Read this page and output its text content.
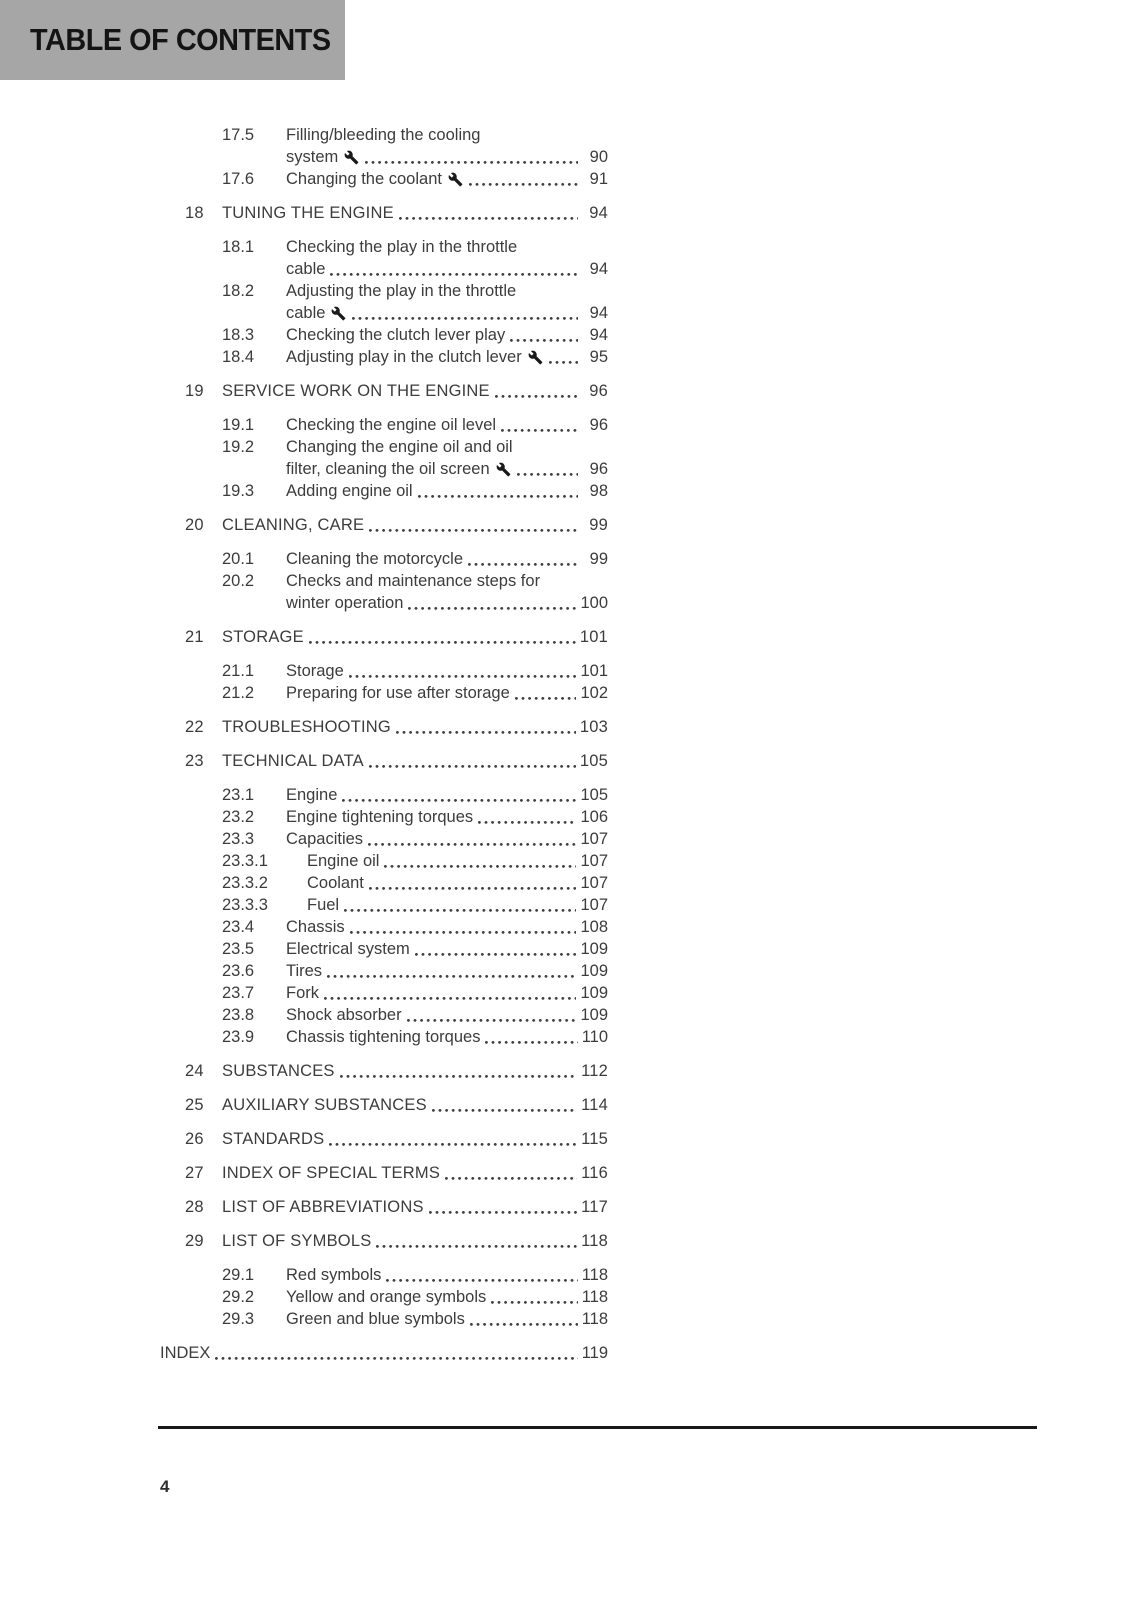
TABLE OF CONTENTS
17.5	Filling/bleeding the cooling
system	90
17.6	Changing the coolant	91
18	TUNING THE ENGINE	94
18.1	Checking the play in the throttle
cable	94
18.2	Adjusting the play in the throttle
cable	94
18.3	Checking the clutch lever play	94
18.4	Adjusting play in the clutch lever	95
19	SERVICE WORK ON THE ENGINE	96
19.1	Checking the engine oil level	96
19.2	Changing the engine oil and oil
filter, cleaning the oil screen	96
19.3	Adding engine oil	98
20	CLEANING, CARE	99
20.1	Cleaning the motorcycle	99
20.2	Checks and maintenance steps for
winter operation	100
21	STORAGE	101
21.1	Storage	101
21.2	Preparing for use after storage	102
22	TROUBLESHOOTING	103
23	TECHNICAL DATA	105
23.1	Engine	105
23.2	Engine tightening torques	106
23.3	Capacities	107
23.3.1	Engine oil	107
23.3.2	Coolant	107
23.3.3	Fuel	107
23.4	Chassis	108
23.5	Electrical system	109
23.6	Tires	109
23.7	Fork	109
23.8	Shock absorber	109
23.9	Chassis tightening torques	110
24	SUBSTANCES	112
25	AUXILIARY SUBSTANCES	114
26	STANDARDS	115
27	INDEX OF SPECIAL TERMS	116
28	LIST OF ABBREVIATIONS	117
29	LIST OF SYMBOLS	118
29.1	Red symbols	118
29.2	Yellow and orange symbols	118
29.3	Green and blue symbols	118
INDEX	119
4
